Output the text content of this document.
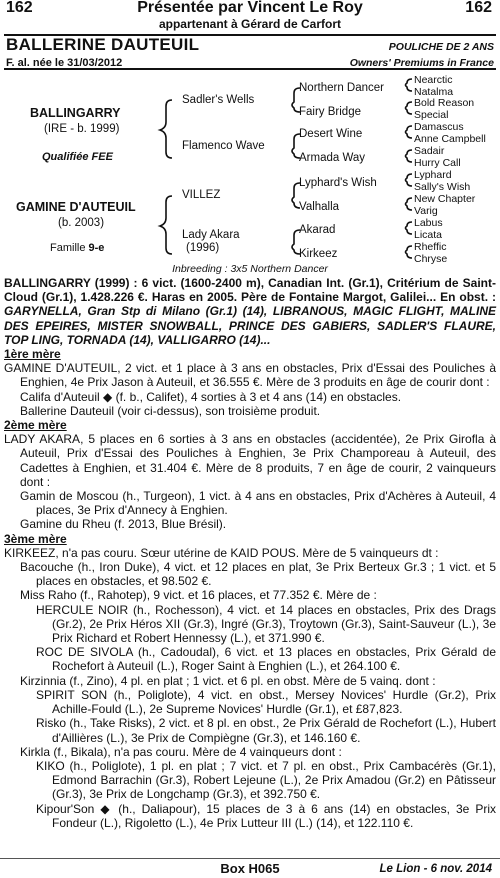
162	Présentée par Vincent Le Roy	162
appartenant à Gérard de Carfort
BALLERINE DAUTEUIL	POULICHE DE 2 ANS
F. al. née le 31/03/2012	Owners' Premiums in France
BALLINGARRY
(IRE - b. 1999)
Qualifiée FEE
GAMINE D'AUTEUIL
(b. 2003)
Famille 9-e
Sadler's Wells
Flamenco Wave
VILLEZ
Lady Akara
(1996)
Northern Dancer
Fairy Bridge
Desert Wine
Armada Way
Lyphard's Wish
Valhalla
Akarad
Kirkeez
Nearctic
Natalma
Bold Reason
Special
Damascus
Anne Campbell
Sadair
Hurry Call
Lyphard
Sally's Wish
New Chapter
Varig
Labus
Licata
Rheffic
Chryse
Inbreeding : 3x5 Northern Dancer

BALLINGARRY (1999) : 6 vict. (1600-2400 m), Canadian Int. (Gr.1), Critérium de Saint-Cloud (Gr.1), 1.428.226 €. Haras en 2005. Père de Fontaine Margot, Galilei... En obst. : GARYNELLA, Gran Stp di Milano (Gr.1) (14), LIBRANOUS, MAGIC FLIGHT, MALINE DES EPEIRES, MISTER SNOWBALL, PRINCE DES GABIERS, SADLER'S FLAURE, TOP LING, TORNADA (14), VALLIGARRO (14)...

1ère mère

GAMINE D'AUTEUIL, 2 vict. et 1 place à 3 ans en obstacles, Prix d'Essai des Pouliches à Enghien, 4e Prix Jason à Auteuil, et 36.555 €. Mère de 3 produits en âge de courir dont :

Califa d'Auteuil ◆ (f. b., Califet), 4 sorties à 3 et 4 ans (14) en obstacles.

Ballerine Dauteuil (voir ci-dessus), son troisième produit.

2ème mère

LADY AKARA, 5 places en 6 sorties à 3 ans en obstacles (accidentée), 2e Prix Girofla à Auteuil, Prix d'Essai des Pouliches à Enghien, 3e Prix Champoreau à Auteuil, des Cadettes à Enghien, et 31.404 €. Mère de 8 produits, 7 en âge de courir, 2 vainqueurs dont :

Gamin de Moscou (h., Turgeon), 1 vict. à 4 ans en obstacles, Prix d'Achères à Auteuil, 4 places, 3e Prix d'Annecy à Enghien.

Gamine du Rheu (f. 2013, Blue Brésil).

3ème mère

KIRKEEZ, n'a pas couru. Sœur utérine de KAID POUS. Mère de 5 vainqueurs dt :

Bacouche (h., Iron Duke), 4 vict. et 12 places en plat, 3e Prix Berteux Gr.3 ; 1 vict. et 5 places en obstacles, et 98.502 €.

Miss Raho (f., Rahotep), 9 vict. et 16 places, et 77.352 €. Mère de :

HERCULE NOIR (h., Rochesson), 4 vict. et 14 places en obstacles, Prix des Drags (Gr.2), 2e Prix Héros XII (Gr.3), Ingré (Gr.3), Troytown (Gr.3), Saint-Sauveur (L.), 3e Prix Richard et Robert Hennessy (L.), et 371.990 €.

ROC DE SIVOLA (h., Cadoudal), 6 vict. et 13 places en obstacles, Prix Gérald de Rochefort à Auteuil (L.), Roger Saint à Enghien (L.), et 264.100 €.

Kirzinnia (f., Zino), 4 pl. en plat ; 1 vict. et 6 pl. en obst. Mère de 5 vainq. dont :

SPIRIT SON (h., Poliglote), 4 vict. en obst., Mersey Novices' Hurdle (Gr.2), Prix Achille-Fould (L.), 2e Supreme Novices' Hurdle (Gr.1), et £87,823.

Risko (h., Take Risks), 2 vict. et 8 pl. en obst., 2e Prix Gérald de Rochefort (L.), Hubert d'Aillières (L.), 3e Prix de Compiègne (Gr.3), et 146.160 €.

Kirkla (f., Bikala), n'a pas couru. Mère de 4 vainqueurs dont :

KIKO (h., Poliglote), 1 pl. en plat ; 7 vict. et 7 pl. en obst., Prix Cambacérès (Gr.1), Edmond Barrachin (Gr.3), Robert Lejeune (L.), 2e Prix Amadou (Gr.2) en Pâtisseur (Gr.3), 3e Prix de Longchamp (Gr.3), et 392.750 €.

Kipour'Son ◆ (h., Daliapour), 15 places de 3 à 6 ans (14) en obstacles, 3e Prix Fondeur (L.), Rigoletto (L.), 4e Prix Lutteur III (L.) (14), et 122.110 €.

Box H065	Le Lion - 6 nov. 2014
